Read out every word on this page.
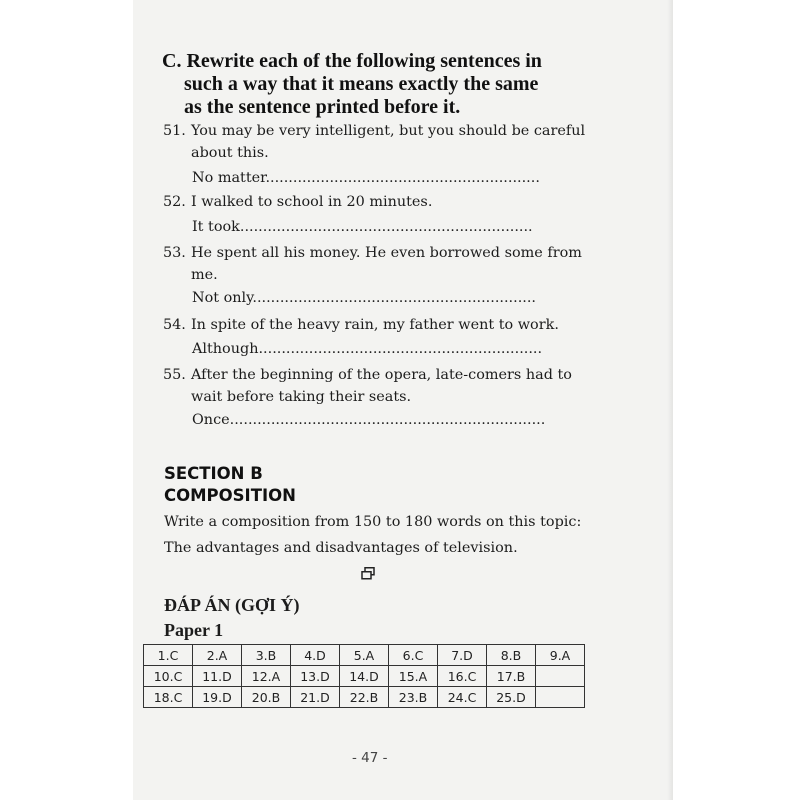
C. Rewrite each of the following sentences in
such a way that it means exactly the same
as the sentence printed before it.
51. You may be very intelligent, but you should be careful
about this.
No matter............................................................
52. I walked to school in 20 minutes.
It took................................................................
53. He spent all his money. He even borrowed some from
me.
Not only..............................................................
54. In spite of the heavy rain, my father went to work.
Although..............................................................
55. After the beginning of the opera, late-comers had to
wait before taking their seats.
Once.....................................................................
SECTION B
COMPOSITION
Write a composition from 150 to 180 words on this topic:
The advantages and disadvantages of television.
ĐÁP ÁN (GỢI Ý)
Paper 1
1.C	2.A	3.B	4.D	5.A	6.C	7.D	8.B	9.A
10.C	11.D	12.A	13.D	14.D	15.A	16.C	17.B	
18.C	19.D	20.B	21.D	22.B	23.B	24.C	25.D	
- 47 -
